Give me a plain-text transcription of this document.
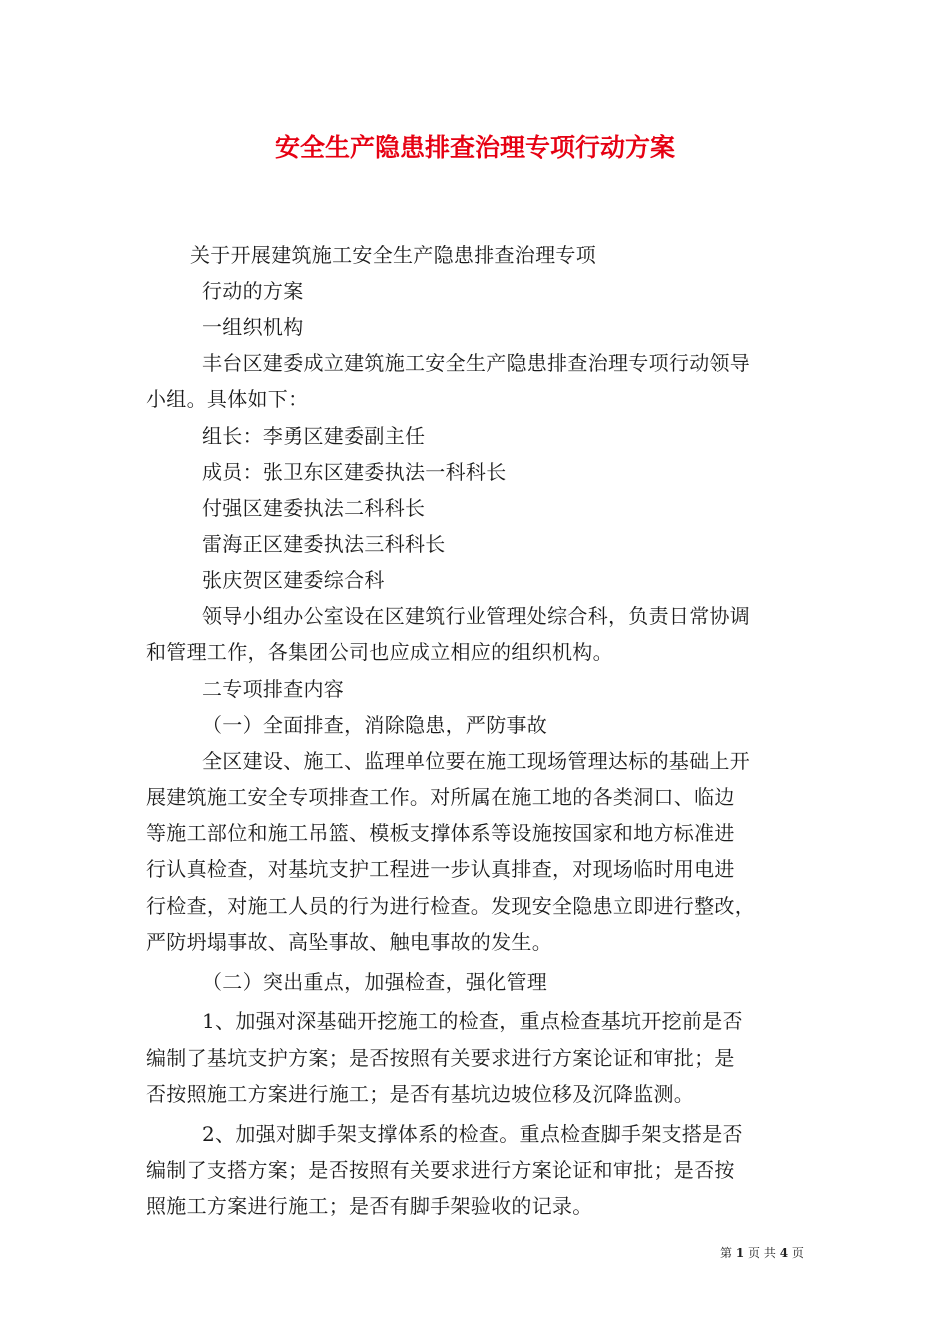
安全生产隐患排查治理专项行动方案
关于开展建筑施工安全生产隐患排查治理专项
行动的方案
一组织机构
丰台区建委成立建筑施工安全生产隐患排查治理专项行动领导
小组。具体如下：
组长：李勇区建委副主任
成员：张卫东区建委执法一科科长
付强区建委执法二科科长
雷海正区建委执法三科科长
张庆贺区建委综合科
领导小组办公室设在区建筑行业管理处综合科，负责日常协调
和管理工作，各集团公司也应成立相应的组织机构。
二专项排查内容
（一）全面排查，消除隐患，严防事故
全区建设、施工、监理单位要在施工现场管理达标的基础上开
展建筑施工安全专项排查工作。对所属在施工地的各类洞口、临边
等施工部位和施工吊篮、模板支撑体系等设施按国家和地方标准进
行认真检查，对基坑支护工程进一步认真排查，对现场临时用电进
行检查，对施工人员的行为进行检查。发现安全隐患立即进行整改，
严防坍塌事故、高坠事故、触电事故的发生。
（二）突出重点，加强检查，强化管理
1、加强对深基础开挖施工的检查，重点检查基坑开挖前是否
编制了基坑支护方案；是否按照有关要求进行方案论证和审批；是
否按照施工方案进行施工；是否有基坑边坡位移及沉降监测。
2、加强对脚手架支撑体系的检查。重点检查脚手架支搭是否
编制了支搭方案；是否按照有关要求进行方案论证和审批；是否按
照施工方案进行施工；是否有脚手架验收的记录。
第 1 页 共 4 页
